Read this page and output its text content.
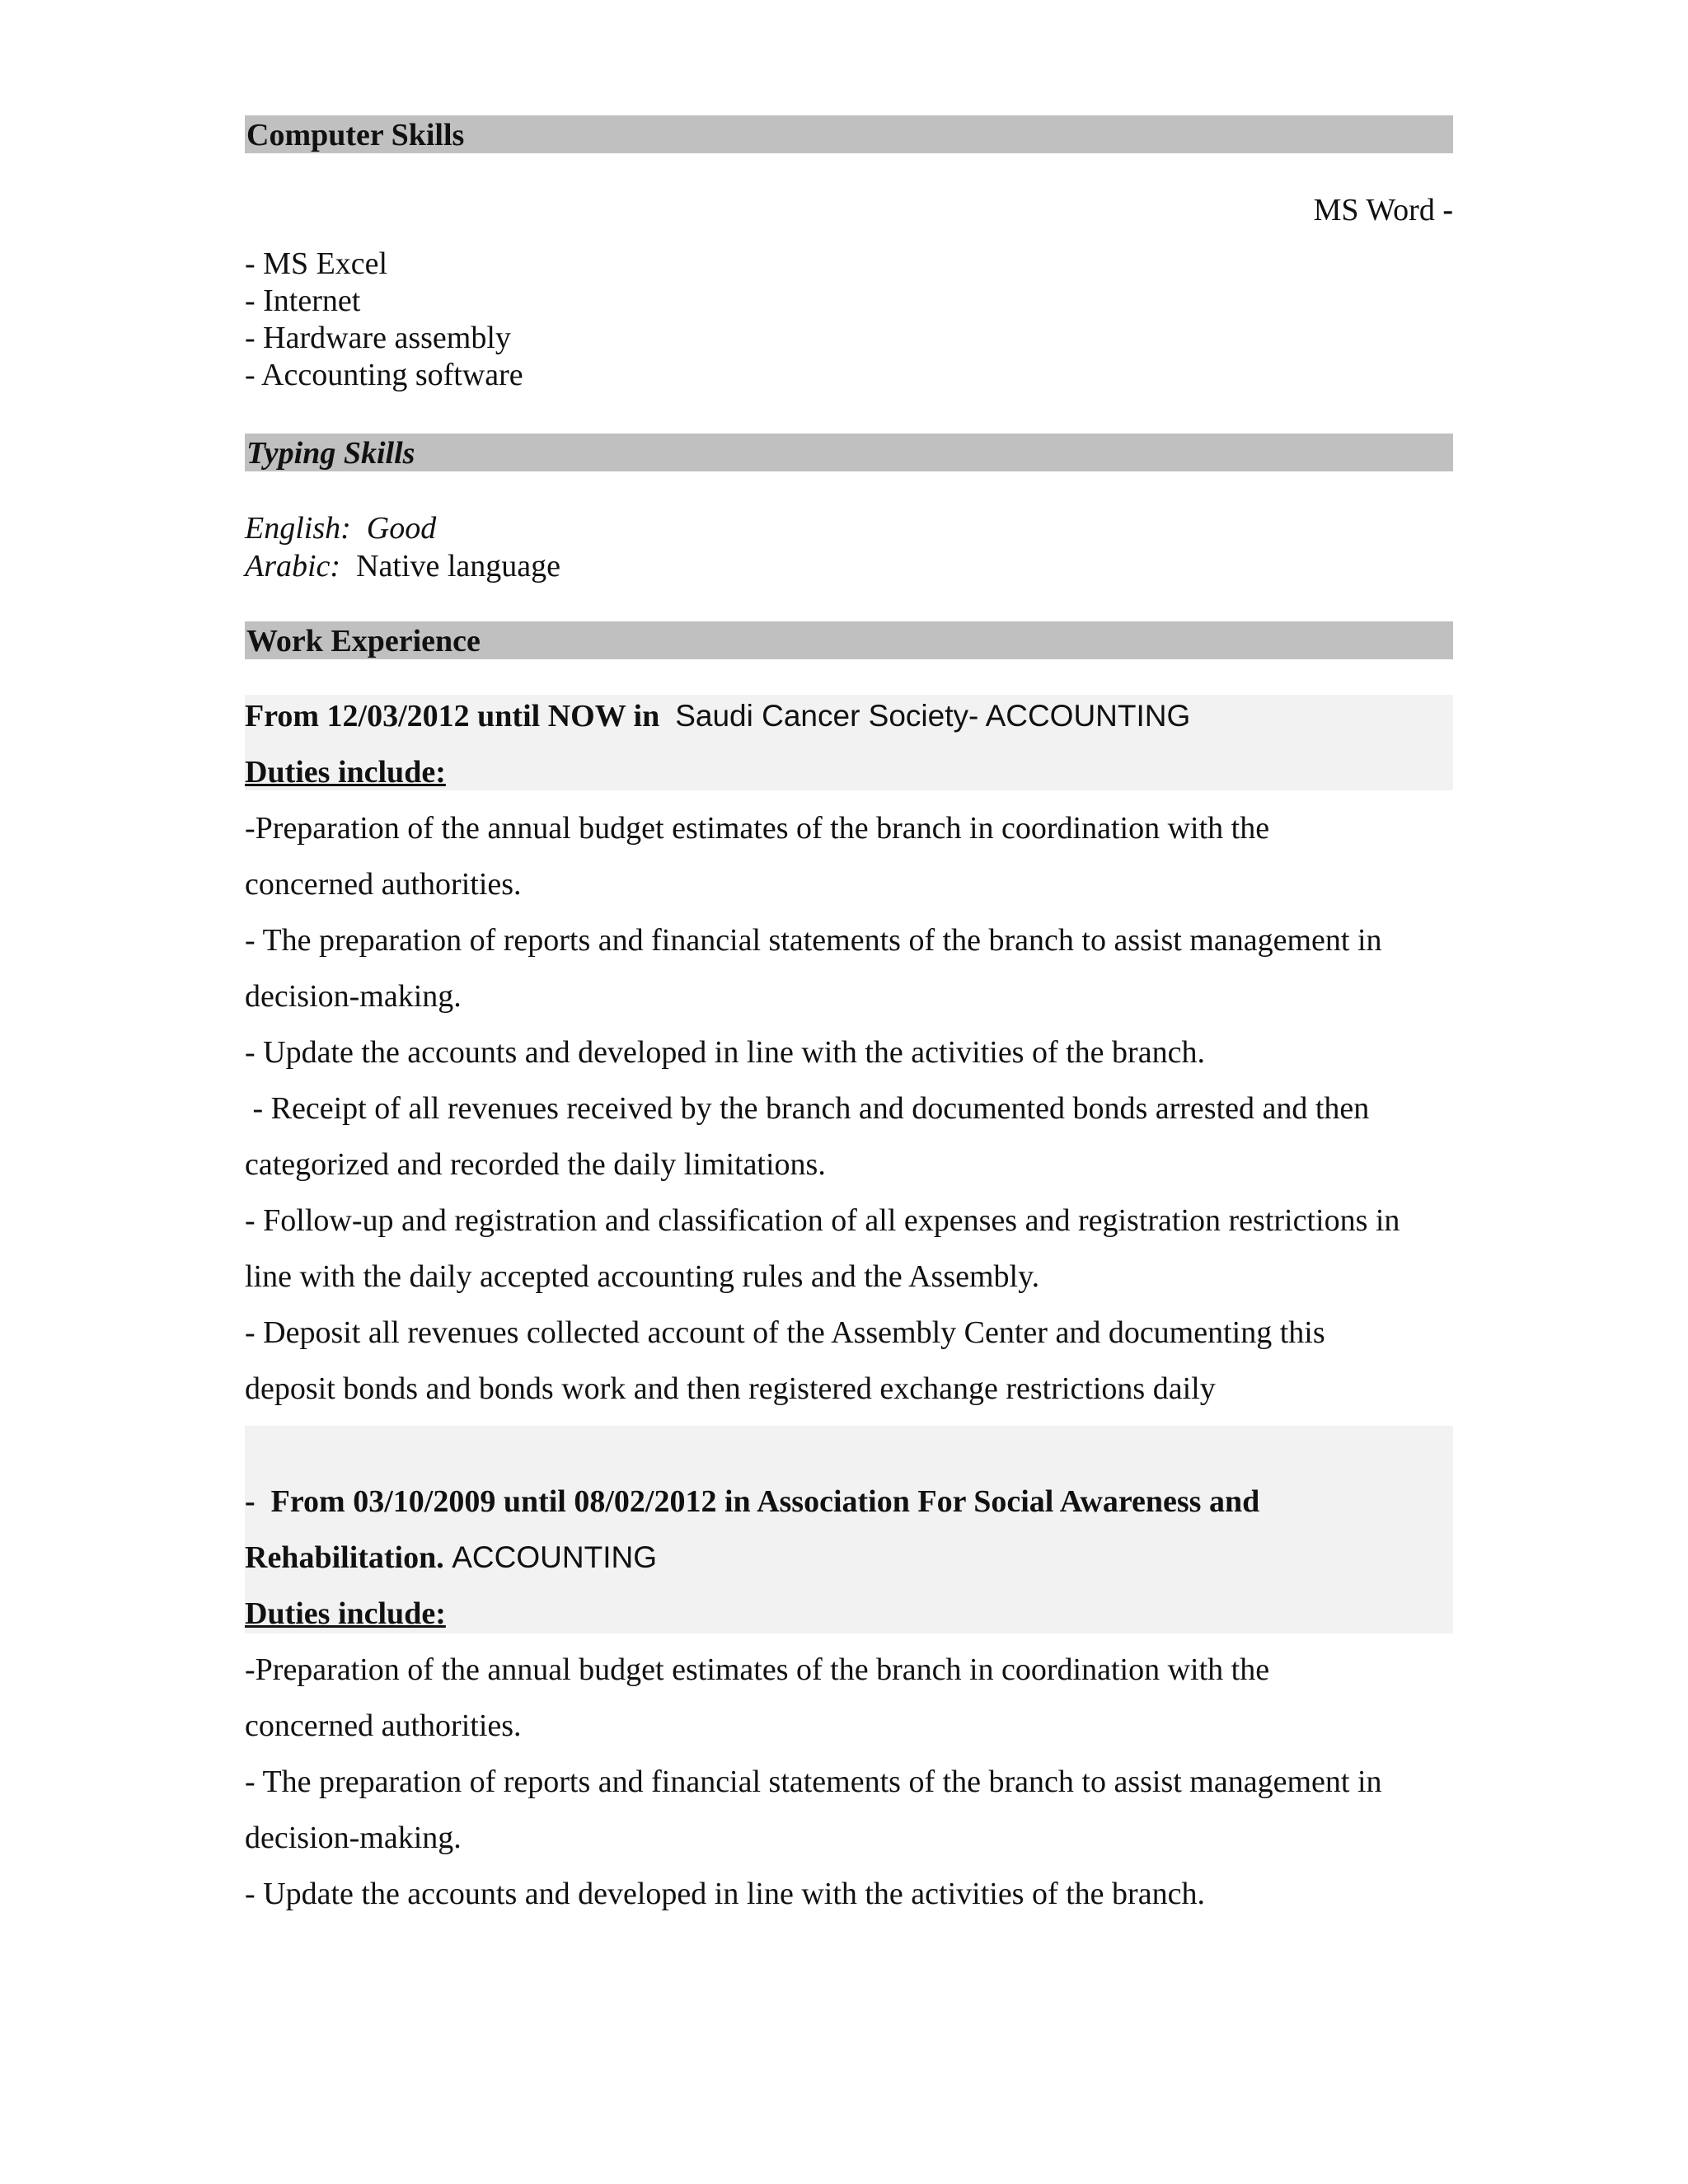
Computer Skills
MS Word -
- MS Excel
- Internet
- Hardware assembly
- Accounting software
Typing Skills
English: Good
Arabic: Native language
Work Experience
From 12/03/2012 until NOW in Saudi Cancer Society- ACCOUNTING
Duties include:
-Preparation of the annual budget estimates of the branch in coordination with the
concerned authorities.
- The preparation of reports and financial statements of the branch to assist management in
decision-making.
- Update the accounts and developed in line with the activities of the branch.
- Receipt of all revenues received by the branch and documented bonds arrested and then
categorized and recorded the daily limitations.
- Follow-up and registration and classification of all expenses and registration restrictions in
line with the daily accepted accounting rules and the Assembly.
- Deposit all revenues collected account of the Assembly Center and documenting this
deposit bonds and bonds work and then registered exchange restrictions daily
-  From 03/10/2009 until 08/02/2012 in Association For Social Awareness and
Rehabilitation. ACCOUNTING
Duties include:
-Preparation of the annual budget estimates of the branch in coordination with the
concerned authorities.
- The preparation of reports and financial statements of the branch to assist management in
decision-making.
- Update the accounts and developed in line with the activities of the branch.
